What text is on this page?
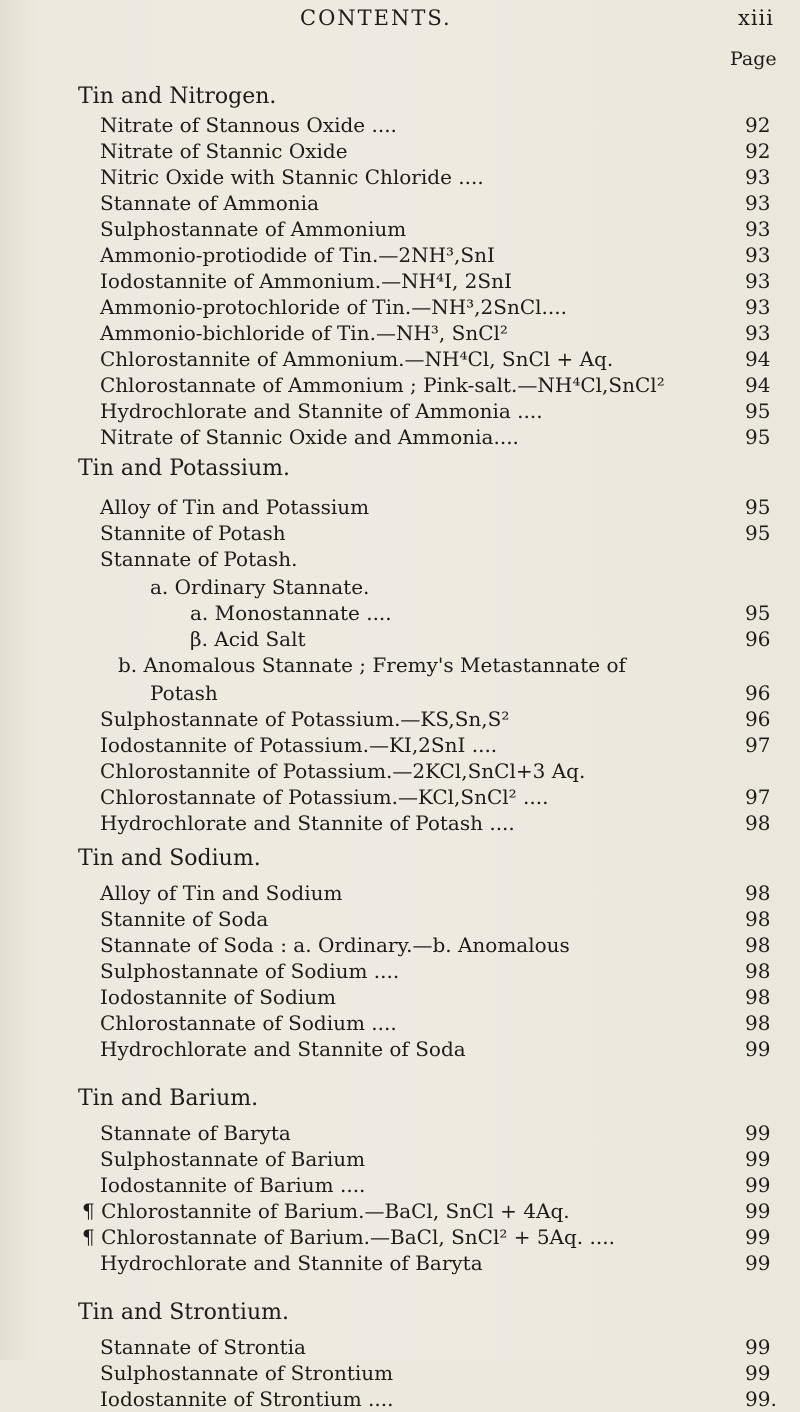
CONTENTS.	xiii
Page
Tin and Nitrogen.
Nitrate of Stannous Oxide ....	92
Nitrate of Stannic Oxide	92
Nitric Oxide with Stannic Chloride ....	93
Stannate of Ammonia	93
Sulphostannate of Ammonium	93
Ammonio-protiodide of Tin.—2NH³,SnI	93
Iodostannite of Ammonium.—NH⁴I, 2SnI	93
Ammonio-protochloride of Tin.—NH³,2SnCl....	93
Ammonio-bichloride of Tin.—NH³, SnCl²	93
Chlorostannite of Ammonium.—NH⁴Cl, SnCl + Aq.	94
Chlorostannate of Ammonium ; Pink-salt.—NH⁴Cl,SnCl²	94
Hydrochlorate and Stannite of Ammonia ....	95
Nitrate of Stannic Oxide and Ammonia....	95
Tin and Potassium.
Alloy of Tin and Potassium	95
Stannite of Potash	95
Stannate of Potash.
a. Ordinary Stannate.
a. Monostannate ....	95
β. Acid Salt	96
b. Anomalous Stannate ; Fremy's Metastannate of
Potash	96
Sulphostannate of Potassium.—KS,Sn,S²	96
Iodostannite of Potassium.—KI,2SnI ....	97
Chlorostannite of Potassium.—2KCl,SnCl+3 Aq.
Chlorostannate of Potassium.—KCl,SnCl² ....	97
Hydrochlorate and Stannite of Potash ....	98
Tin and Sodium.
Alloy of Tin and Sodium	98
Stannite of Soda	98
Stannate of Soda : a. Ordinary.—b. Anomalous	98
Sulphostannate of Sodium ....	98
Iodostannite of Sodium	98
Chlorostannate of Sodium ....	98
Hydrochlorate and Stannite of Soda	99
Tin and Barium.
Stannate of Baryta	99
Sulphostannate of Barium	99
Iodostannite of Barium ....	99
¶ Chlorostannite of Barium.—BaCl, SnCl + 4Aq.	99
¶ Chlorostannate of Barium.—BaCl, SnCl² + 5Aq. ....	99
Hydrochlorate and Stannite of Baryta	99
Tin and Strontium.
Stannate of Strontia	99
Sulphostannate of Strontium	99
Iodostannite of Strontium ....	99.
